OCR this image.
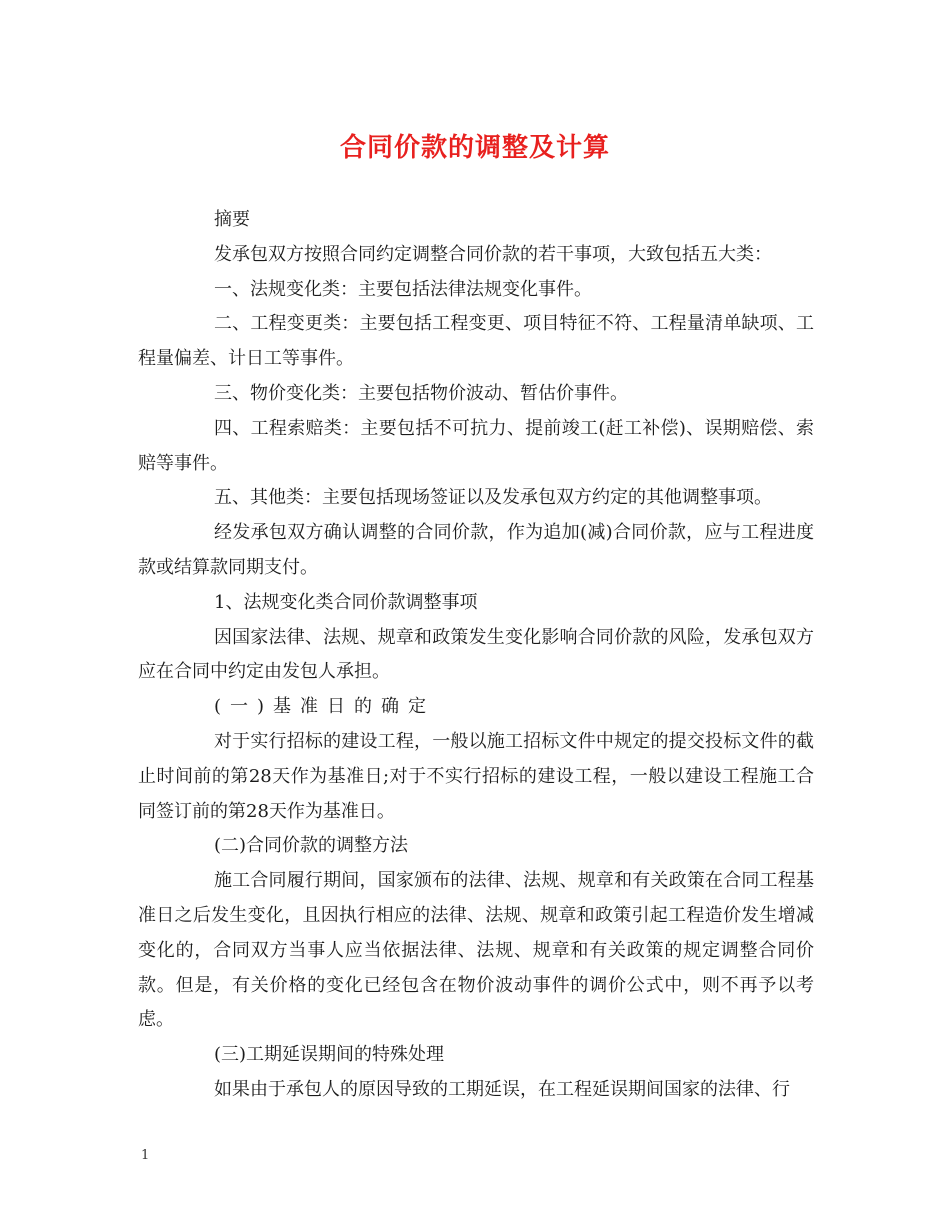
合同价款的调整及计算

摘要

发承包双方按照合同约定调整合同价款的若干事项，大致包括五大类：

一、法规变化类：主要包括法律法规变化事件。

二、工程变更类：主要包括工程变更、项目特征不符、工程量清单缺项、工程量偏差、计日工等事件。

三、物价变化类：主要包括物价波动、暂估价事件。

四、工程索赔类：主要包括不可抗力、提前竣工(赶工补偿)、误期赔偿、索赔等事件。

五、其他类：主要包括现场签证以及发承包双方约定的其他调整事项。

经发承包双方确认调整的合同价款，作为追加(减)合同价款，应与工程进度款或结算款同期支付。

1、法规变化类合同价款调整事项

因国家法律、法规、规章和政策发生变化影响合同价款的风险，发承包双方应在合同中约定由发包人承担。

(一)基准日的确定

对于实行招标的建设工程，一般以施工招标文件中规定的提交投标文件的截止时间前的第28天作为基准日;对于不实行招标的建设工程，一般以建设工程施工合同签订前的第28天作为基准日。

(二)合同价款的调整方法

施工合同履行期间，国家颁布的法律、法规、规章和有关政策在合同工程基准日之后发生变化，且因执行相应的法律、法规、规章和政策引起工程造价发生增减变化的，合同双方当事人应当依据法律、法规、规章和有关政策的规定调整合同价款。但是，有关价格的变化已经包含在物价波动事件的调价公式中，则不再予以考虑。

(三)工期延误期间的特殊处理

如果由于承包人的原因导致的工期延误，在工程延误期间国家的法律、行

1
